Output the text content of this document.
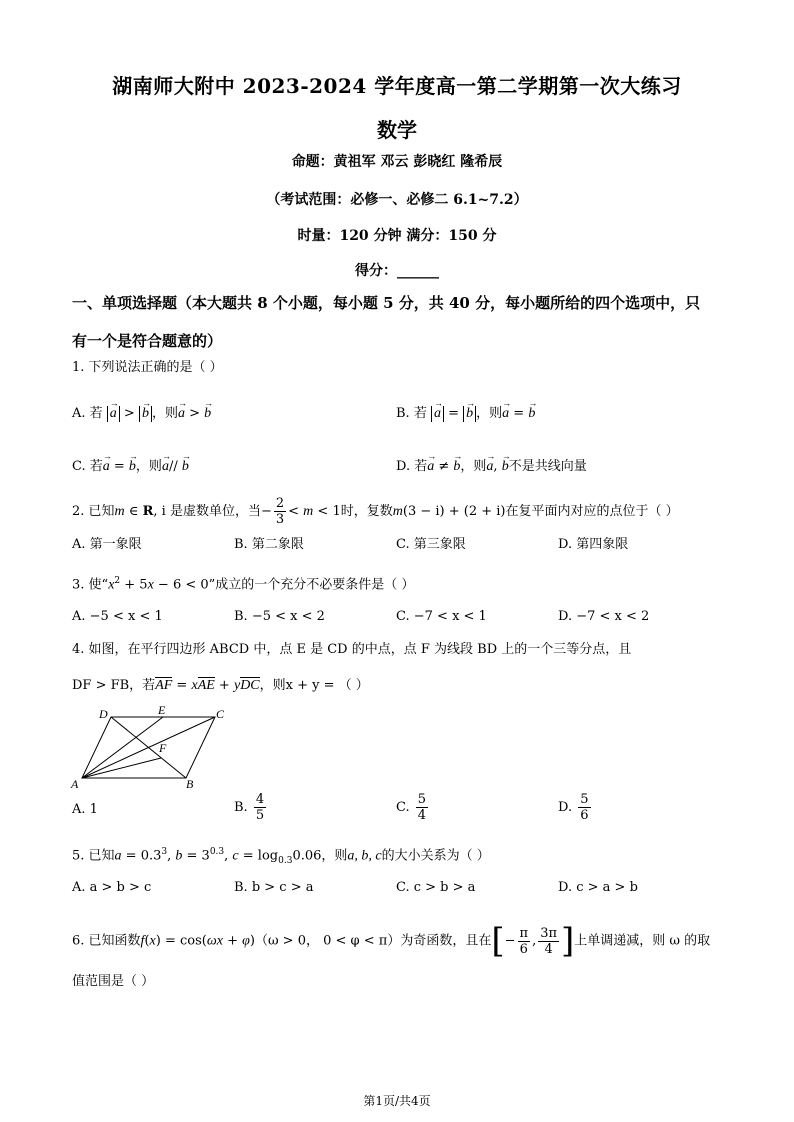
湖南师大附中 2023-2024 学年度高一第二学期第一次大练习
数学
命题：黄祖军 邓云 彭晓红 隆希辰
（考试范围：必修一、必修二 6.1~7.2）
时量：120 分钟 满分：150 分
得分：______
一、单项选择题（本大题共 8 个小题，每小题 5 分，共 40 分，每小题所给的四个选项中，只
有一个是符合题意的）
1. 下列说法正确的是（ ）
A. 若 → a > → b ，则→ a > → b	B. 若 → a = → b ，则→ a = → b
C. 若→ a = → b，则→ a// → b	D. 若→ a ≠ → b，则→ a, → b不是共线向量
2. 已知m ∈ R, i 是虚数单位，当− $\frac{2}{3} < m < 1$时，复数m(3 − i) + (2 + i)在复平面内对应的点位于（ ）
A. 第一象限	B. 第二象限	C. 第三象限	D. 第四象限
3. 使“$x^2 + 5x - 6 < 0$”成立的一个充分不必要条件是（ ）
A. −5 < x < 1	B. −5 < x < 2	C. −7 < x < 1	D. −7 < x < 2
4. 如图，在平行四边形 ABCD 中，点 E 是 CD 的中点，点 F 为线段 BD 上的一个三等分点，且
DF > FB，若AF = xAE + yDC，则x + y = （ ）
A	B
C
D	E
F
A. 1	B. $\frac{4}{5}$	C. $\frac{5}{4}$	D. $\frac{5}{6}$
5. 已知$a = 0.3^3$, $b = 3^{0.3}$, $c = \log_{0.3}0.06$，则a, b, c的大小关系为（ ）
A. a > b > c	B. b > c > a	C. c > b > a	D. c > a > b
6. 已知函数f(x) = cos(ωx + φ)（ω > 0， 0 < φ < π）为奇函数，且在[− $\frac{\pi}{6}$ , $\frac{3\pi}{4}$ ]上单调递减，则 ω 的取
值范围是（ ）
第1页/共4页
